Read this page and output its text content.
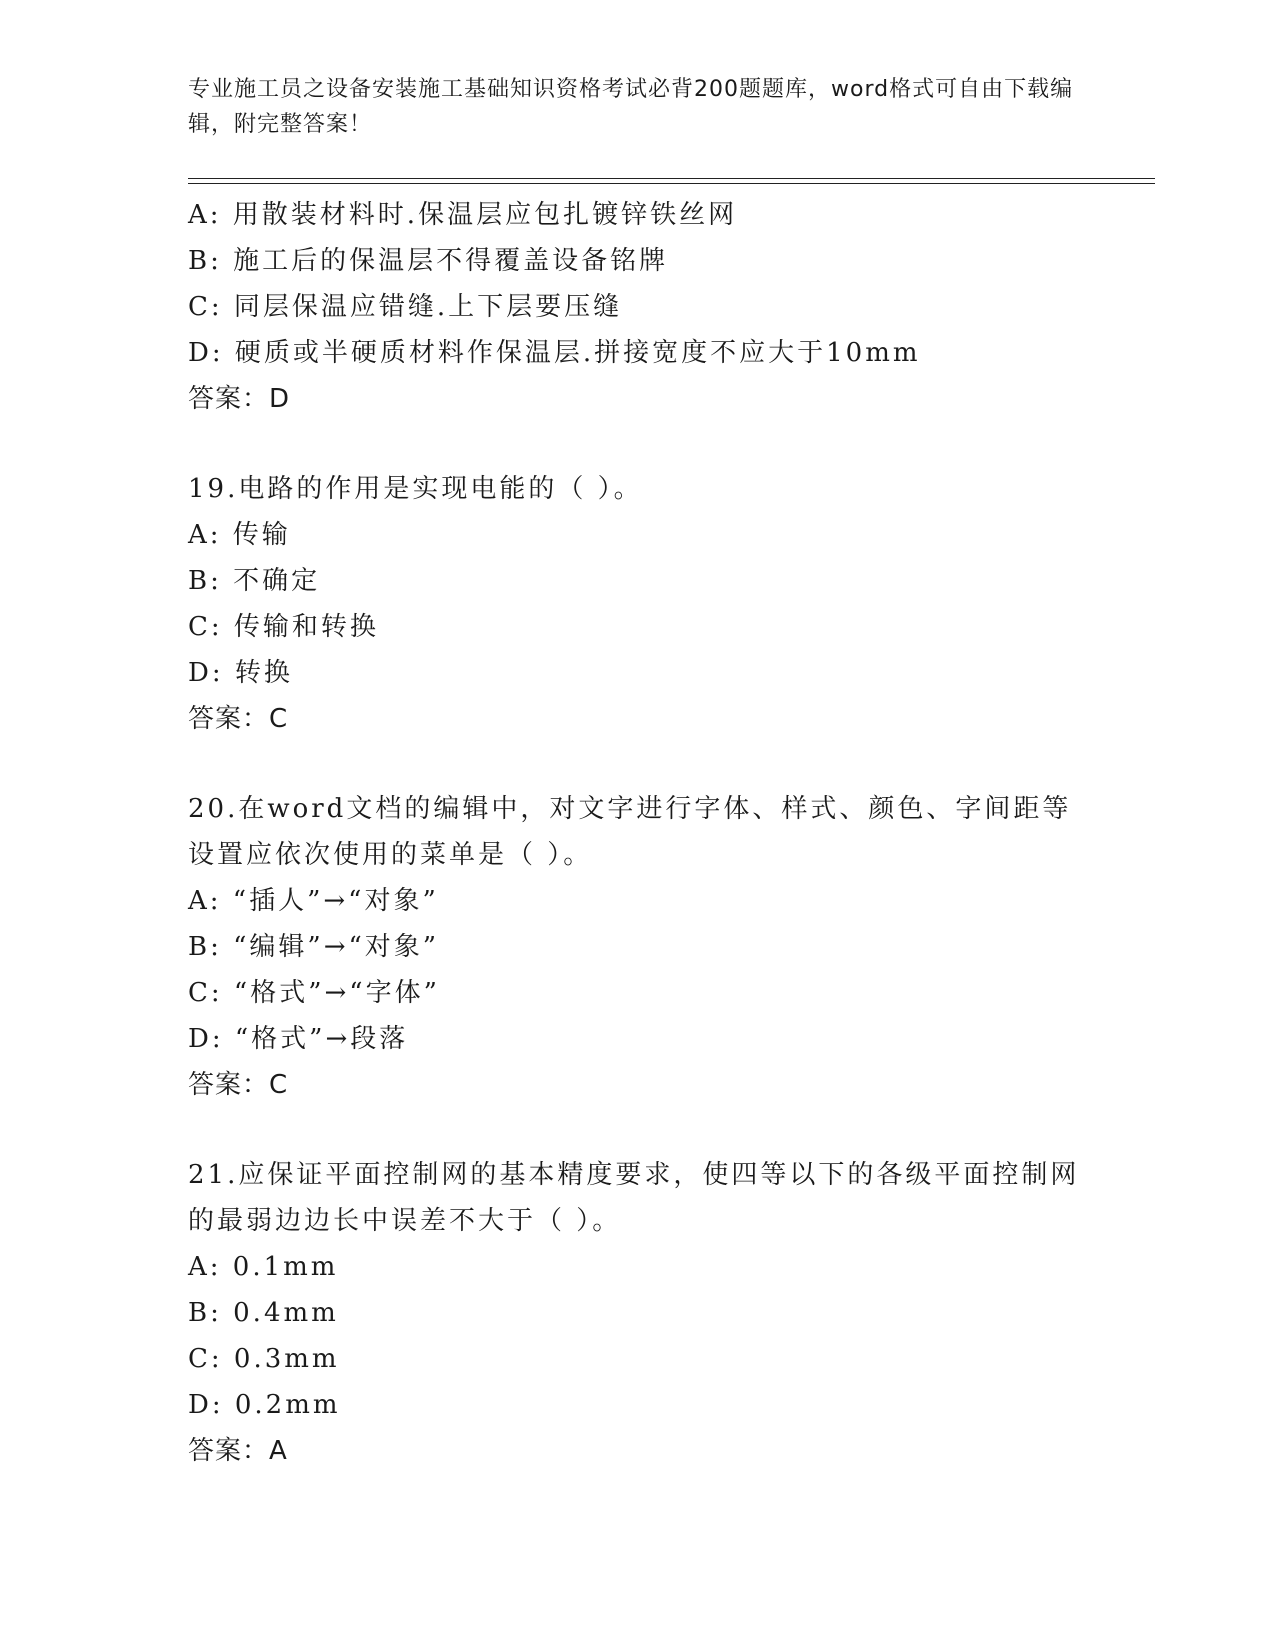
专业施工员之设备安装施工基础知识资格考试必背200题题库，word格式可自由下载编辑，附完整答案！
A: 用散装材料时.保温层应包扎镀锌铁丝网
B: 施工后的保温层不得覆盖设备铭牌
C: 同层保温应错缝.上下层要压缝
D: 硬质或半硬质材料作保温层.拼接宽度不应大于10mm
答案：D
19.电路的作用是实现电能的（ ）。
A: 传输
B: 不确定
C: 传输和转换
D: 转换
答案：C
20.在word文档的编辑中，对文字进行字体、样式、颜色、字间距等
设置应依次使用的菜单是（ ）。
A: “插人”→“对象”
B: “编辑”→“对象”
C: “格式”→“字体”
D: “格式”→段落
答案：C
21.应保证平面控制网的基本精度要求，使四等以下的各级平面控制网
的最弱边边长中误差不大于（ ）。
A: 0.1mm
B: 0.4mm
C: 0.3mm
D: 0.2mm
答案：A
